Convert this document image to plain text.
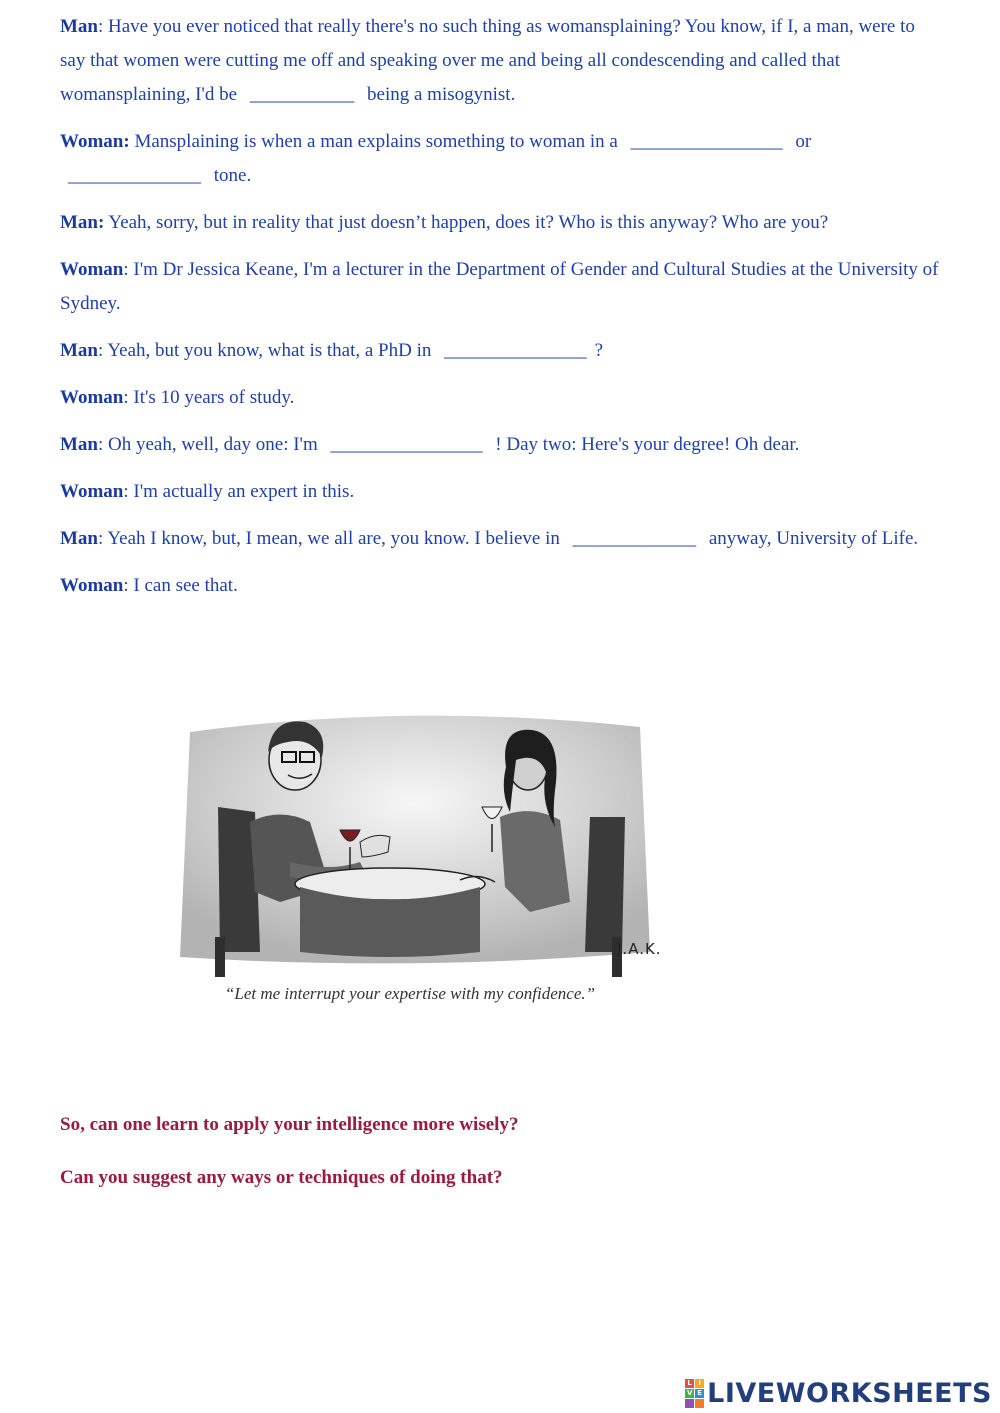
Man: Have you ever noticed that really there's no such thing as womansplaining? You know, if I, a man, were to say that women were cutting me off and speaking over me and being all condescending and called that womansplaining, I'd be ___________ being a misogynist.

Woman: Mansplaining is when a man explains something to woman in a ________________ or ______________ tone.

Man: Yeah, sorry, but in reality that just doesn’t happen, does it? Who is this anyway? Who are you?

Woman: I'm Dr Jessica Keane, I'm a lecturer in the Department of Gender and Cultural Studies at the University of Sydney.

Man: Yeah, but you know, what is that, a PhD in _______________ ?

Woman: It's 10 years of study.

Man: Oh yeah, well, day one: I'm ________________ ! Day two: Here's your degree! Oh dear.

Woman: I'm actually an expert in this.

Man: Yeah I know, but, I mean, we all are, you know. I believe in _____________ anyway, University of Life.

Woman: I can see that.

J.A.K.
“Let me interrupt your expertise with my confidence.”
So, can one learn to apply your intelligence more wisely?
Can you suggest any ways or techniques of doing that?
L I
V E LIVEWORKSHEETS
